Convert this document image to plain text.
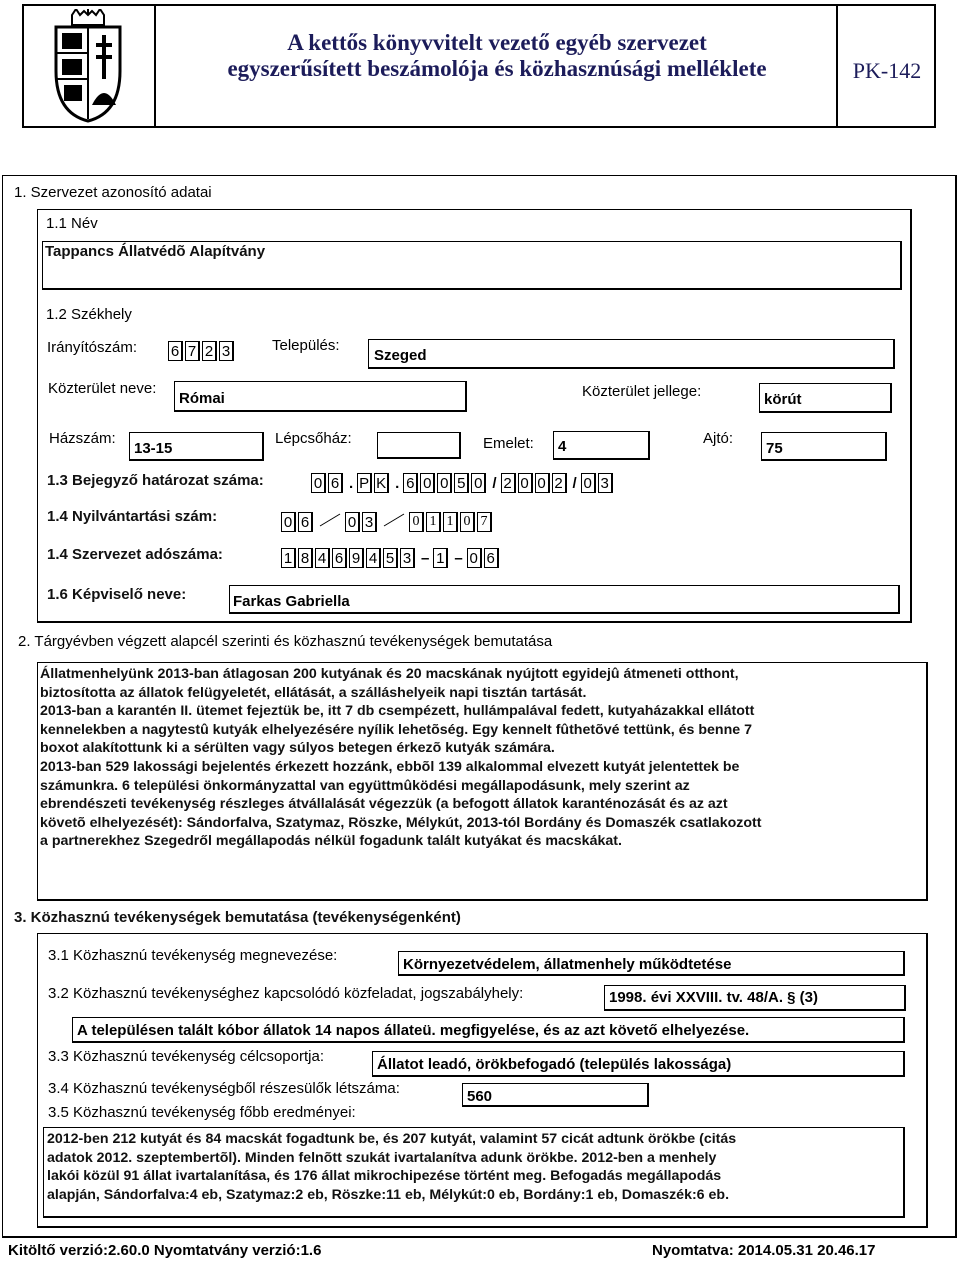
A kettős könyvvitelt vezető egyéb szervezet
egyszerűsített beszámolója és közhasznúsági melléklete	PK-142
1. Szervezet azonosító adatai
1.1 Név
Tappancs Állatvédõ Alapítvány
1.2 Székhely
Irányítószám: 6 7 2 3	Település:
Szeged
Közterület neve:
Római	Közterület jellege:	körút
Házszám:
13-15
Lépcsőház:	Emelet: 4	Ajtó:
75
1.3 Bejegyző határozat száma:	0 6 . P K . 6 0 0 5 0 / 2 0 0 2 / 0 3
1.4 Nyilvántartási szám:	0 6	0 3	0 1 1 0 7
1.4 Szervezet adószáma:	1 8 4 6 9 4 5 3 – 1 – 0 6
1.6 Képviselő neve:	Farkas Gabriella
2. Tárgyévben végzett alapcél szerinti és közhasznú tevékenységek bemutatása
Állatmenhelyünk 2013-ban átlagosan 200 kutyának és 20 macskának nyújtott egyidejû átmeneti otthont,
biztosította az állatok felügyeletét, ellátását, a szálláshelyeik napi tisztán tartását.
2013-ban a karantén II. ütemet fejeztük be, itt 7 db csempézett, hullámpalával fedett, kutyaházakkal ellátott
kennelekben a nagytestû kutyák elhelyezésére nyílik lehetõség. Egy kennelt fûthetõvé tettünk, és benne 7
boxot alakítottunk ki a sérülten vagy súlyos betegen érkezõ kutyák számára.
2013-ban 529 lakossági bejelentés érkezett hozzánk, ebbõl 139 alkalommal elvezett kutyát jelentettek be
számunkra. 6 települési önkormányzattal van együttmûködési megállapodásunk, mely szerint az
ebrendészeti tevékenység részleges átvállalását végezzük (a befogott állatok karanténozását és az azt
követõ elhelyezését): Sándorfalva, Szatymaz, Röszke, Mélykút, 2013-tól Bordány és Domaszék csatlakozott
a partnerekhez Szegedről megállapodás nélkül fogadunk talált kutyákat és macskákat.
3. Közhasznú tevékenységek bemutatása (tevékenységenként)
3.1 Közhasznú tevékenység megnevezése:
Környezetvédelem, állatmenhely működtetése
3.2 Közhasznú tevékenységhez kapcsolódó közfeladat, jogszabályhely:	1998. évi XXVIII. tv. 48/A. § (3)
A településen talált kóbor állatok 14 napos állateü. megfigyelése, és az azt követő elhelyezése.
3.3 Közhasznú tevékenység célcsoportja:	Állatot leadó, örökbefogadó (település lakossága)
3.4 Közhasznú tevékenységből részesülők létszáma:	560
3.5 Közhasznú tevékenység főbb eredményei:
2012-ben 212 kutyát és 84 macskát fogadtunk be, és 207 kutyát, valamint 57 cicát adtunk örökbe (citás
adatok 2012. szeptembertõl). Minden felnõtt szukát ivartalanítva adunk örökbe. 2012-ben a menhely
lakói közül 91 állat ivartalanítása, és 176 állat mikrochipezése történt meg. Befogadás megállapodás
alapján, Sándorfalva:4 eb, Szatymaz:2 eb, Röszke:11 eb, Mélykút:0 eb, Bordány:1 eb, Domaszék:6 eb.
Kitöltő verzió:2.60.0 Nyomtatvány verzió:1.6	Nyomtatva: 2014.05.31 20.46.17
